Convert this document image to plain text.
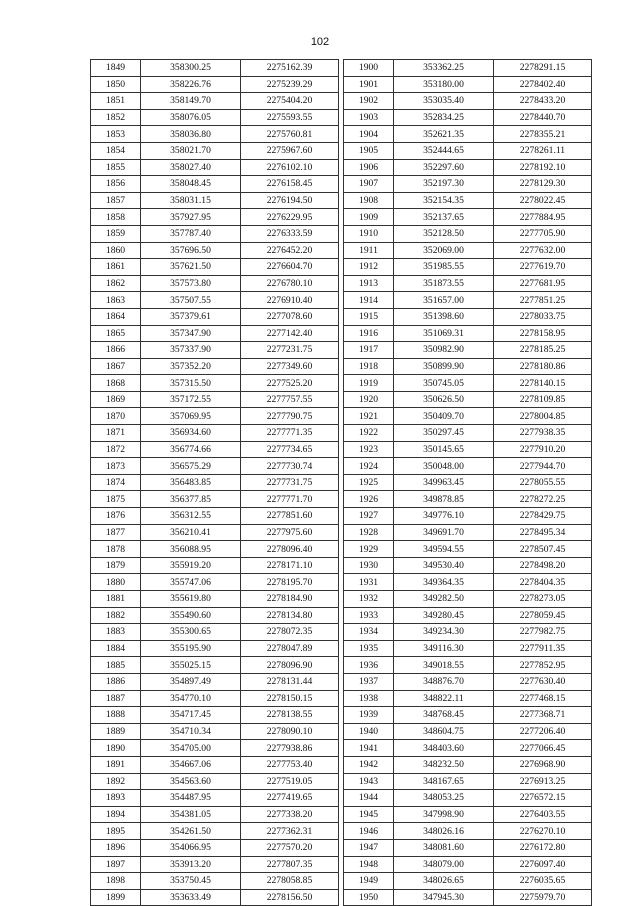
102
1849	358300.25	2275162.39
1850	358226.76	2275239.29
1851	358149.70	2275404.20
1852	358076.05	2275593.55
1853	358036.80	2275760.81
1854	358021.70	2275967.60
1855	358027.40	2276102.10
1856	358048.45	2276158.45
1857	358031.15	2276194.50
1858	357927.95	2276229.95
1859	357787.40	2276333.59
1860	357696.50	2276452.20
1861	357621.50	2276604.70
1862	357573.80	2276780.10
1863	357507.55	2276910.40
1864	357379.61	2277078.60
1865	357347.90	2277142.40
1866	357337.90	2277231.75
1867	357352.20	2277349.60
1868	357315.50	2277525.20
1869	357172.55	2277757.55
1870	357069.95	2277790.75
1871	356934.60	2277771.35
1872	356774.66	2277734.65
1873	356575.29	2277730.74
1874	356483.85	2277731.75
1875	356377.85	2277771.70
1876	356312.55	2277851.60
1877	356210.41	2277975.60
1878	356088.95	2278096.40
1879	355919.20	2278171.10
1880	355747.06	2278195.70
1881	355619.80	2278184.90
1882	355490.60	2278134.80
1883	355300.65	2278072.35
1884	355195.90	2278047.89
1885	355025.15	2278096.90
1886	354897.49	2278131.44
1887	354770.10	2278150.15
1888	354717.45	2278138.55
1889	354710.34	2278090.10
1890	354705.00	2277938.86
1891	354667.06	2277753.40
1892	354563.60	2277519.05
1893	354487.95	2277419.65
1894	354381.05	2277338.20
1895	354261.50	2277362.31
1896	354066.95	2277570.20
1897	353913.20	2277807.35
1898	353750.45	2278058.85
1899	353633.49	2278156.50
1900	353362.25	2278291.15
1901	353180.00	2278402.40
1902	353035.40	2278433.20
1903	352834.25	2278440.70
1904	352621.35	2278355.21
1905	352444.65	2278261.11
1906	352297.60	2278192.10
1907	352197.30	2278129.30
1908	352154.35	2278022.45
1909	352137.65	2277884.95
1910	352128.50	2277705.90
1911	352069.00	2277632.00
1912	351985.55	2277619.70
1913	351873.55	2277681.95
1914	351657.00	2277851.25
1915	351398.60	2278033.75
1916	351069.31	2278158.95
1917	350982.90	2278185.25
1918	350899.90	2278180.86
1919	350745.05	2278140.15
1920	350626.50	2278109.85
1921	350409.70	2278004.85
1922	350297.45	2277938.35
1923	350145.65	2277910.20
1924	350048.00	2277944.70
1925	349963.45	2278055.55
1926	349878.85	2278272.25
1927	349776.10	2278429.75
1928	349691.70	2278495.34
1929	349594.55	2278507.45
1930	349530.40	2278498.20
1931	349364.35	2278404.35
1932	349282.50	2278273.05
1933	349280.45	2278059.45
1934	349234.30	2277982.75
1935	349116.30	2277911.35
1936	349018.55	2277852.95
1937	348876.70	2277630.40
1938	348822.11	2277468.15
1939	348768.45	2277368.71
1940	348604.75	2277206.40
1941	348403.60	2277066.45
1942	348232.50	2276968.90
1943	348167.65	2276913.25
1944	348053.25	2276572.15
1945	347998.90	2276403.55
1946	348026.16	2276270.10
1947	348081.60	2276172.80
1948	348079.00	2276097.40
1949	348026.65	2276035.65
1950	347945.30	2275979.70
